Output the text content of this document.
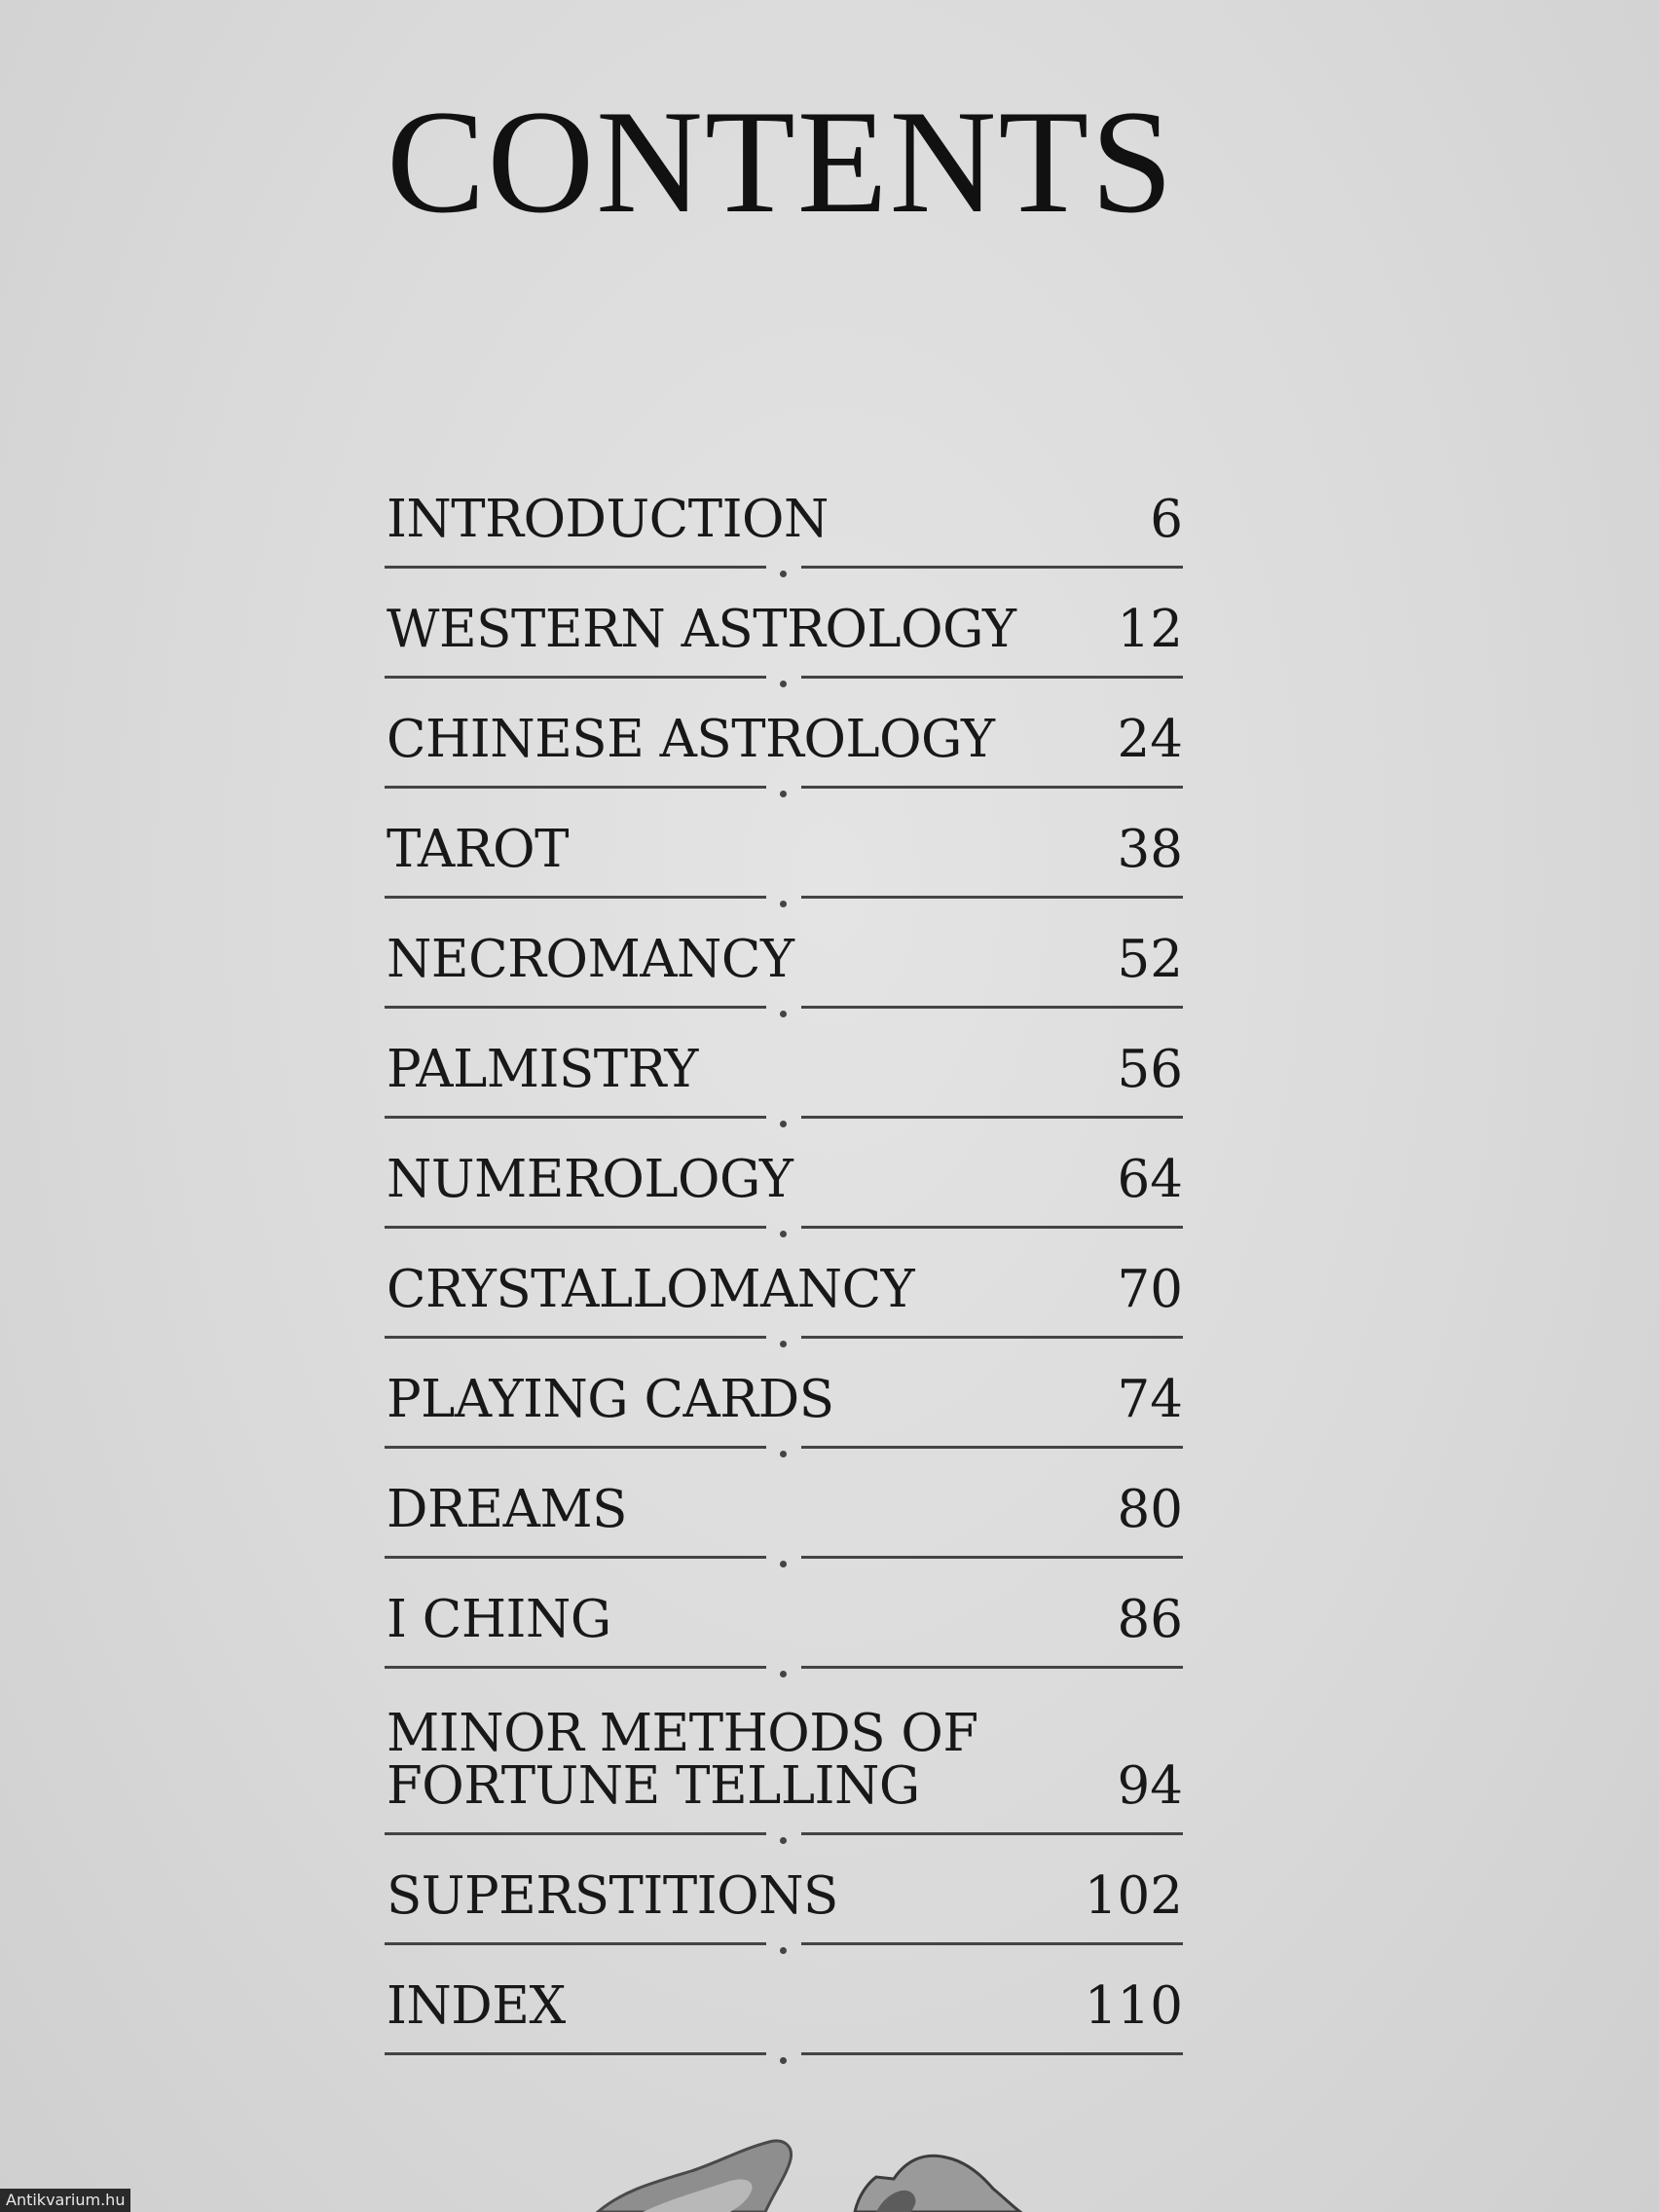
CONTENTS
INTRODUCTION	6
WESTERN ASTROLOGY 12
CHINESE ASTROLOGY 24
TAROT	38
NECROMANCY	52
PALMISTRY	56
NUMEROLOGY	64
CRYSTALLOMANCY	70
PLAYING CARDS	74
DREAMS	80
I CHING	86
MINOR METHODS OF
FORTUNE TELLING	94
SUPERSTITIONS	102
INDEX	110
Antikvarium.hu
